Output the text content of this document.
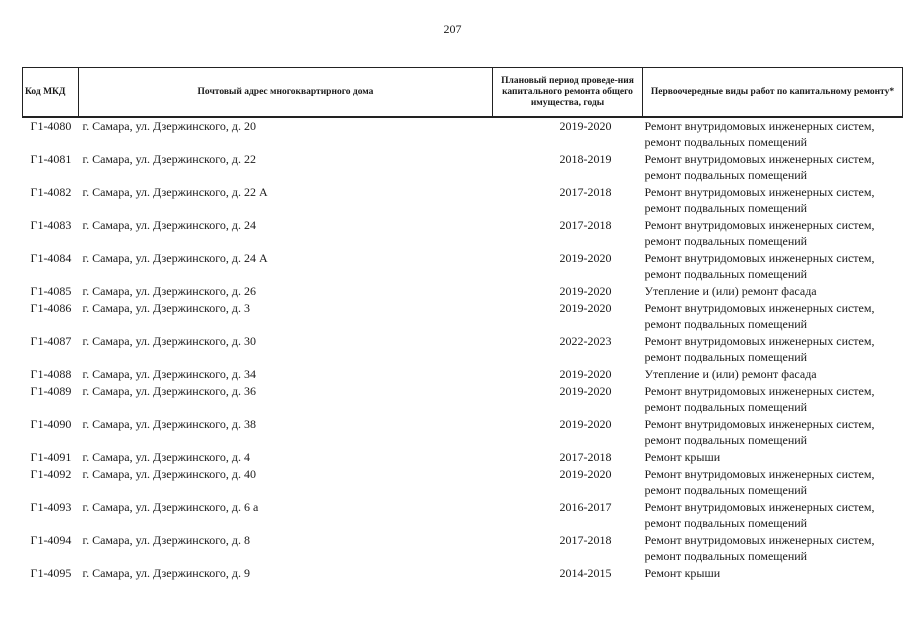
207
Код МКД	Почтовый адрес многоквартирного дома	Плановый период проведе-ния капитального ремонта общего имущества, годы	Первоочередные виды работ по капитальному ремонту*
Г1-4080	г. Самара, ул. Дзержинского, д. 20	2019-2020	Ремонт внутридомовых инженерных систем, ремонт подвальных помещений
Г1-4081	г. Самара, ул. Дзержинского, д. 22	2018-2019	Ремонт внутридомовых инженерных систем, ремонт подвальных помещений
Г1-4082	г. Самара, ул. Дзержинского, д. 22 А	2017-2018	Ремонт внутридомовых инженерных систем, ремонт подвальных помещений
Г1-4083	г. Самара, ул. Дзержинского, д. 24	2017-2018	Ремонт внутридомовых инженерных систем, ремонт подвальных помещений
Г1-4084	г. Самара, ул. Дзержинского, д. 24 А	2019-2020	Ремонт внутридомовых инженерных систем, ремонт подвальных помещений
Г1-4085	г. Самара, ул. Дзержинского, д. 26	2019-2020	Утепление и (или) ремонт фасада
Г1-4086	г. Самара, ул. Дзержинского, д. 3	2019-2020	Ремонт внутридомовых инженерных систем, ремонт подвальных помещений
Г1-4087	г. Самара, ул. Дзержинского, д. 30	2022-2023	Ремонт внутридомовых инженерных систем, ремонт подвальных помещений
Г1-4088	г. Самара, ул. Дзержинского, д. 34	2019-2020	Утепление и (или) ремонт фасада
Г1-4089	г. Самара, ул. Дзержинского, д. 36	2019-2020	Ремонт внутридомовых инженерных систем, ремонт подвальных помещений
Г1-4090	г. Самара, ул. Дзержинского, д. 38	2019-2020	Ремонт внутридомовых инженерных систем, ремонт подвальных помещений
Г1-4091	г. Самара, ул. Дзержинского, д. 4	2017-2018	Ремонт крыши
Г1-4092	г. Самара, ул. Дзержинского, д. 40	2019-2020	Ремонт внутридомовых инженерных систем, ремонт подвальных помещений
Г1-4093	г. Самара, ул. Дзержинского, д. 6 а	2016-2017	Ремонт внутридомовых инженерных систем, ремонт подвальных помещений
Г1-4094	г. Самара, ул. Дзержинского, д. 8	2017-2018	Ремонт внутридомовых инженерных систем, ремонт подвальных помещений
Г1-4095	г. Самара, ул. Дзержинского, д. 9	2014-2015	Ремонт крыши
